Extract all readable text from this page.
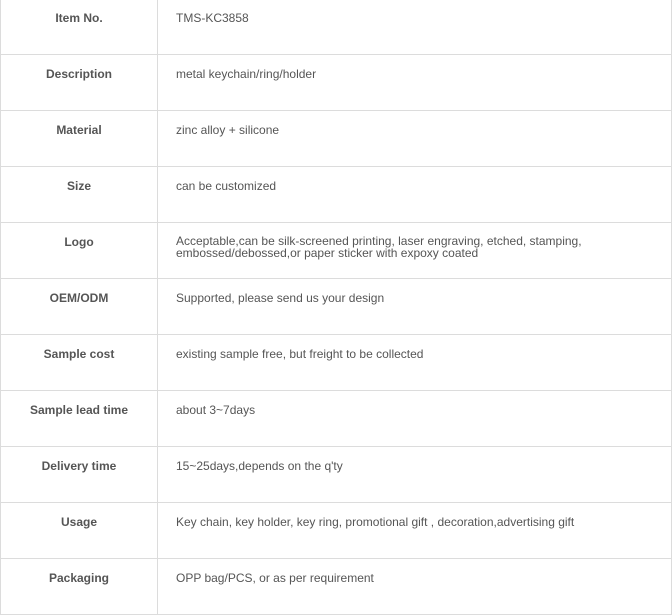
Item No.	TMS-KC3858

Description	metal keychain/ring/holder

Material	zinc alloy + silicone

Size	can be customized

Logo	Acceptable,can be silk-screened printing, laser engraving, etched, stamping, embossed/debossed,or paper sticker with expoxy coated

OEM/ODM	Supported, please send us your design

Sample cost	existing sample free, but freight to be collected

Sample lead time	about 3~7days

Delivery time	15~25days,depends on the q'ty

Usage	Key chain, key holder, key ring, promotional gift , decoration,advertising gift

Packaging	OPP bag/PCS, or as per requirement
